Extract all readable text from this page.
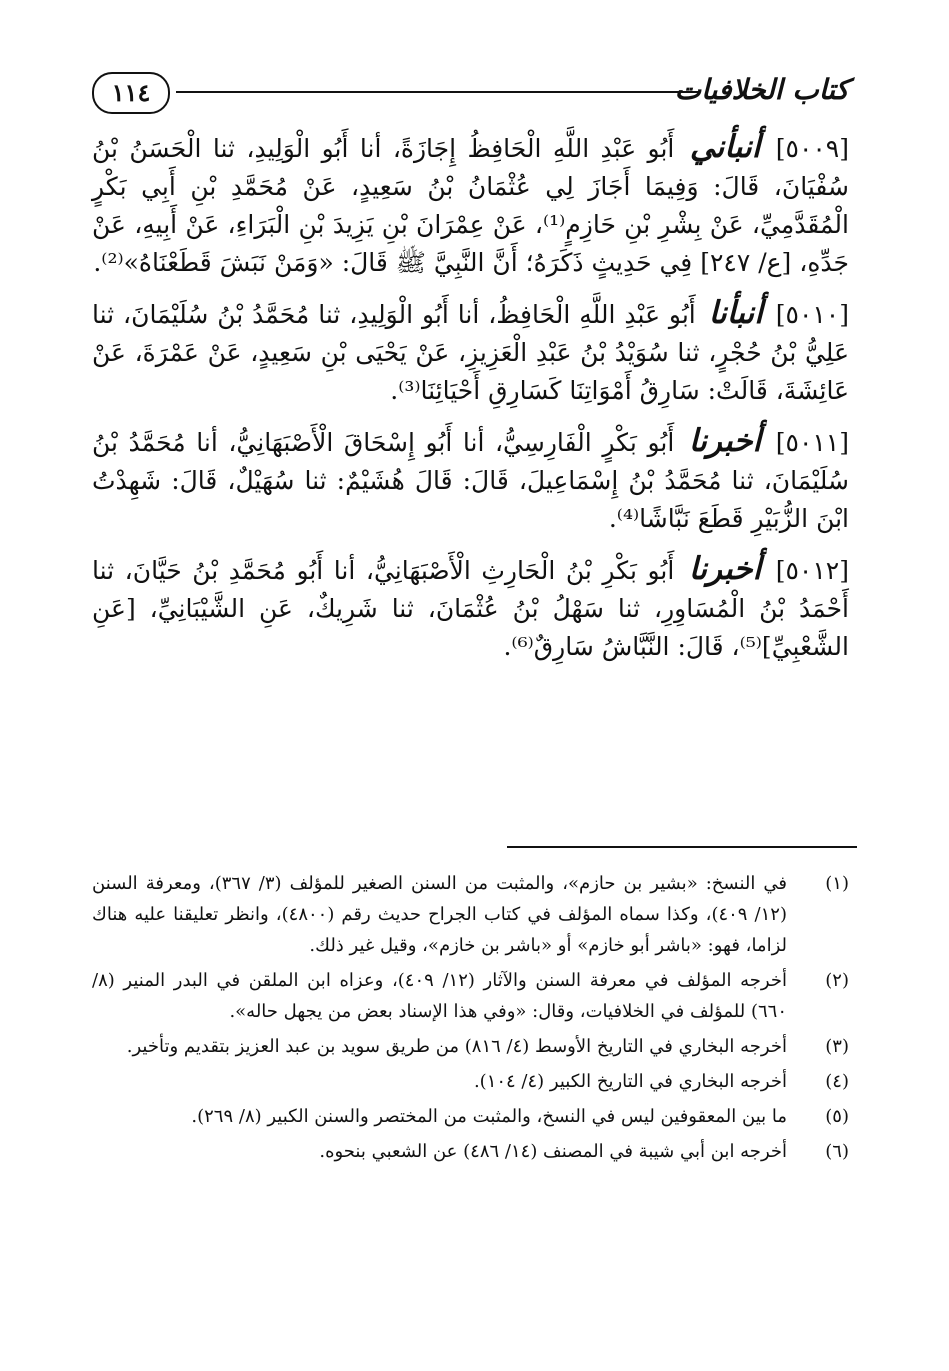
كتاب الخلافيات
١١٤

[٥٠٠٩] أنبأني أَبُو عَبْدِ اللَّهِ الْحَافِظُ إِجَازَةً، أنا أَبُو الْوَلِيدِ، ثنا الْحَسَنُ بْنُ سُفْيَانَ، قَالَ: وَفِيمَا أَجَازَ لِي عُثْمَانُ بْنُ سَعِيدٍ، عَنْ مُحَمَّدِ بْنِ أَبِي بَكْرٍ الْمُقَدَّمِيِّ، عَنْ بِشْرِ بْنِ حَازِمٍ⁽¹⁾، عَنْ عِمْرَانَ بْنِ يَزِيدَ بْنِ الْبَرَاءِ، عَنْ أَبِيهِ، عَنْ جَدِّهِ، [ع/ ٢٤٧] فِي حَدِيثٍ ذَكَرَهُ؛ أَنَّ النَّبِيَّ ﷺ قَالَ: «وَمَنْ نَبَشَ قَطَعْنَاهُ»⁽²⁾.

[٥٠١٠] أنبأنا أَبُو عَبْدِ اللَّهِ الْحَافِظُ، أنا أَبُو الْوَلِيدِ، ثنا مُحَمَّدُ بْنُ سُلَيْمَانَ، ثنا عَلِيُّ بْنُ حُجْرٍ، ثنا سُوَيْدُ بْنُ عَبْدِ الْعَزِيزِ، عَنْ يَحْيَى بْنِ سَعِيدٍ، عَنْ عَمْرَةَ، عَنْ عَائِشَةَ، قَالَتْ: سَارِقُ أَمْوَاتِنَا كَسَارِقِ أَحْيَائِنَا⁽³⁾.

[٥٠١١] أخبرنا أَبُو بَكْرٍ الْفَارِسِيُّ، أنا أَبُو إِسْحَاقَ الْأَصْبَهَانِيُّ، أنا مُحَمَّدُ بْنُ سُلَيْمَانَ، ثنا مُحَمَّدُ بْنُ إِسْمَاعِيلَ، قَالَ: قَالَ هُشَيْمٌ: ثنا سُهَيْلٌ، قَالَ: شَهِدْتُ ابْنَ الزُّبَيْرِ قَطَعَ نَبَّاشًا⁽⁴⁾.

[٥٠١٢] أخبرنا أَبُو بَكْرِ بْنُ الْحَارِثِ الْأَصْبَهَانِيُّ، أنا أَبُو مُحَمَّدِ بْنُ حَيَّانَ، ثنا أَحْمَدُ بْنُ الْمُسَاوِرِ، ثنا سَهْلُ بْنُ عُثْمَانَ، ثنا شَرِيكٌ، عَنِ الشَّيْبَانِيِّ، [عَنِ الشَّعْبِيِّ]⁽⁵⁾، قَالَ: النَّبَّاشُ سَارِقٌ⁽⁶⁾.

(١)
في النسخ: «بشير بن حازم»، والمثبت من السنن الصغير للمؤلف (٣/ ٣٦٧)، ومعرفة السنن (١٢/ ٤٠٩)، وكذا سماه المؤلف في كتاب الجراح حديث رقم (٤٨٠٠)، وانظر تعليقنا عليه هناك لزاما، فهو: «باشر أبو خازم» أو «باشر بن خازم»، وقيل غير ذلك.
(٢)
أخرجه المؤلف في معرفة السنن والآثار (١٢/ ٤٠٩)، وعزاه ابن الملقن في البدر المنير (٨/ ٦٦٠) للمؤلف في الخلافيات، وقال: «وفي هذا الإسناد بعض من يجهل حاله».
(٣)
أخرجه البخاري في التاريخ الأوسط (٤/ ٨١٦) من طريق سويد بن عبد العزيز بتقديم وتأخير.
(٤)
أخرجه البخاري في التاريخ الكبير (٤/ ١٠٤).
(٥)
ما بين المعقوفين ليس في النسخ، والمثبت من المختصر والسنن الكبير (٨/ ٢٦٩).
(٦)
أخرجه ابن أبي شيبة في المصنف (١٤/ ٤٨٦) عن الشعبي بنحوه.
